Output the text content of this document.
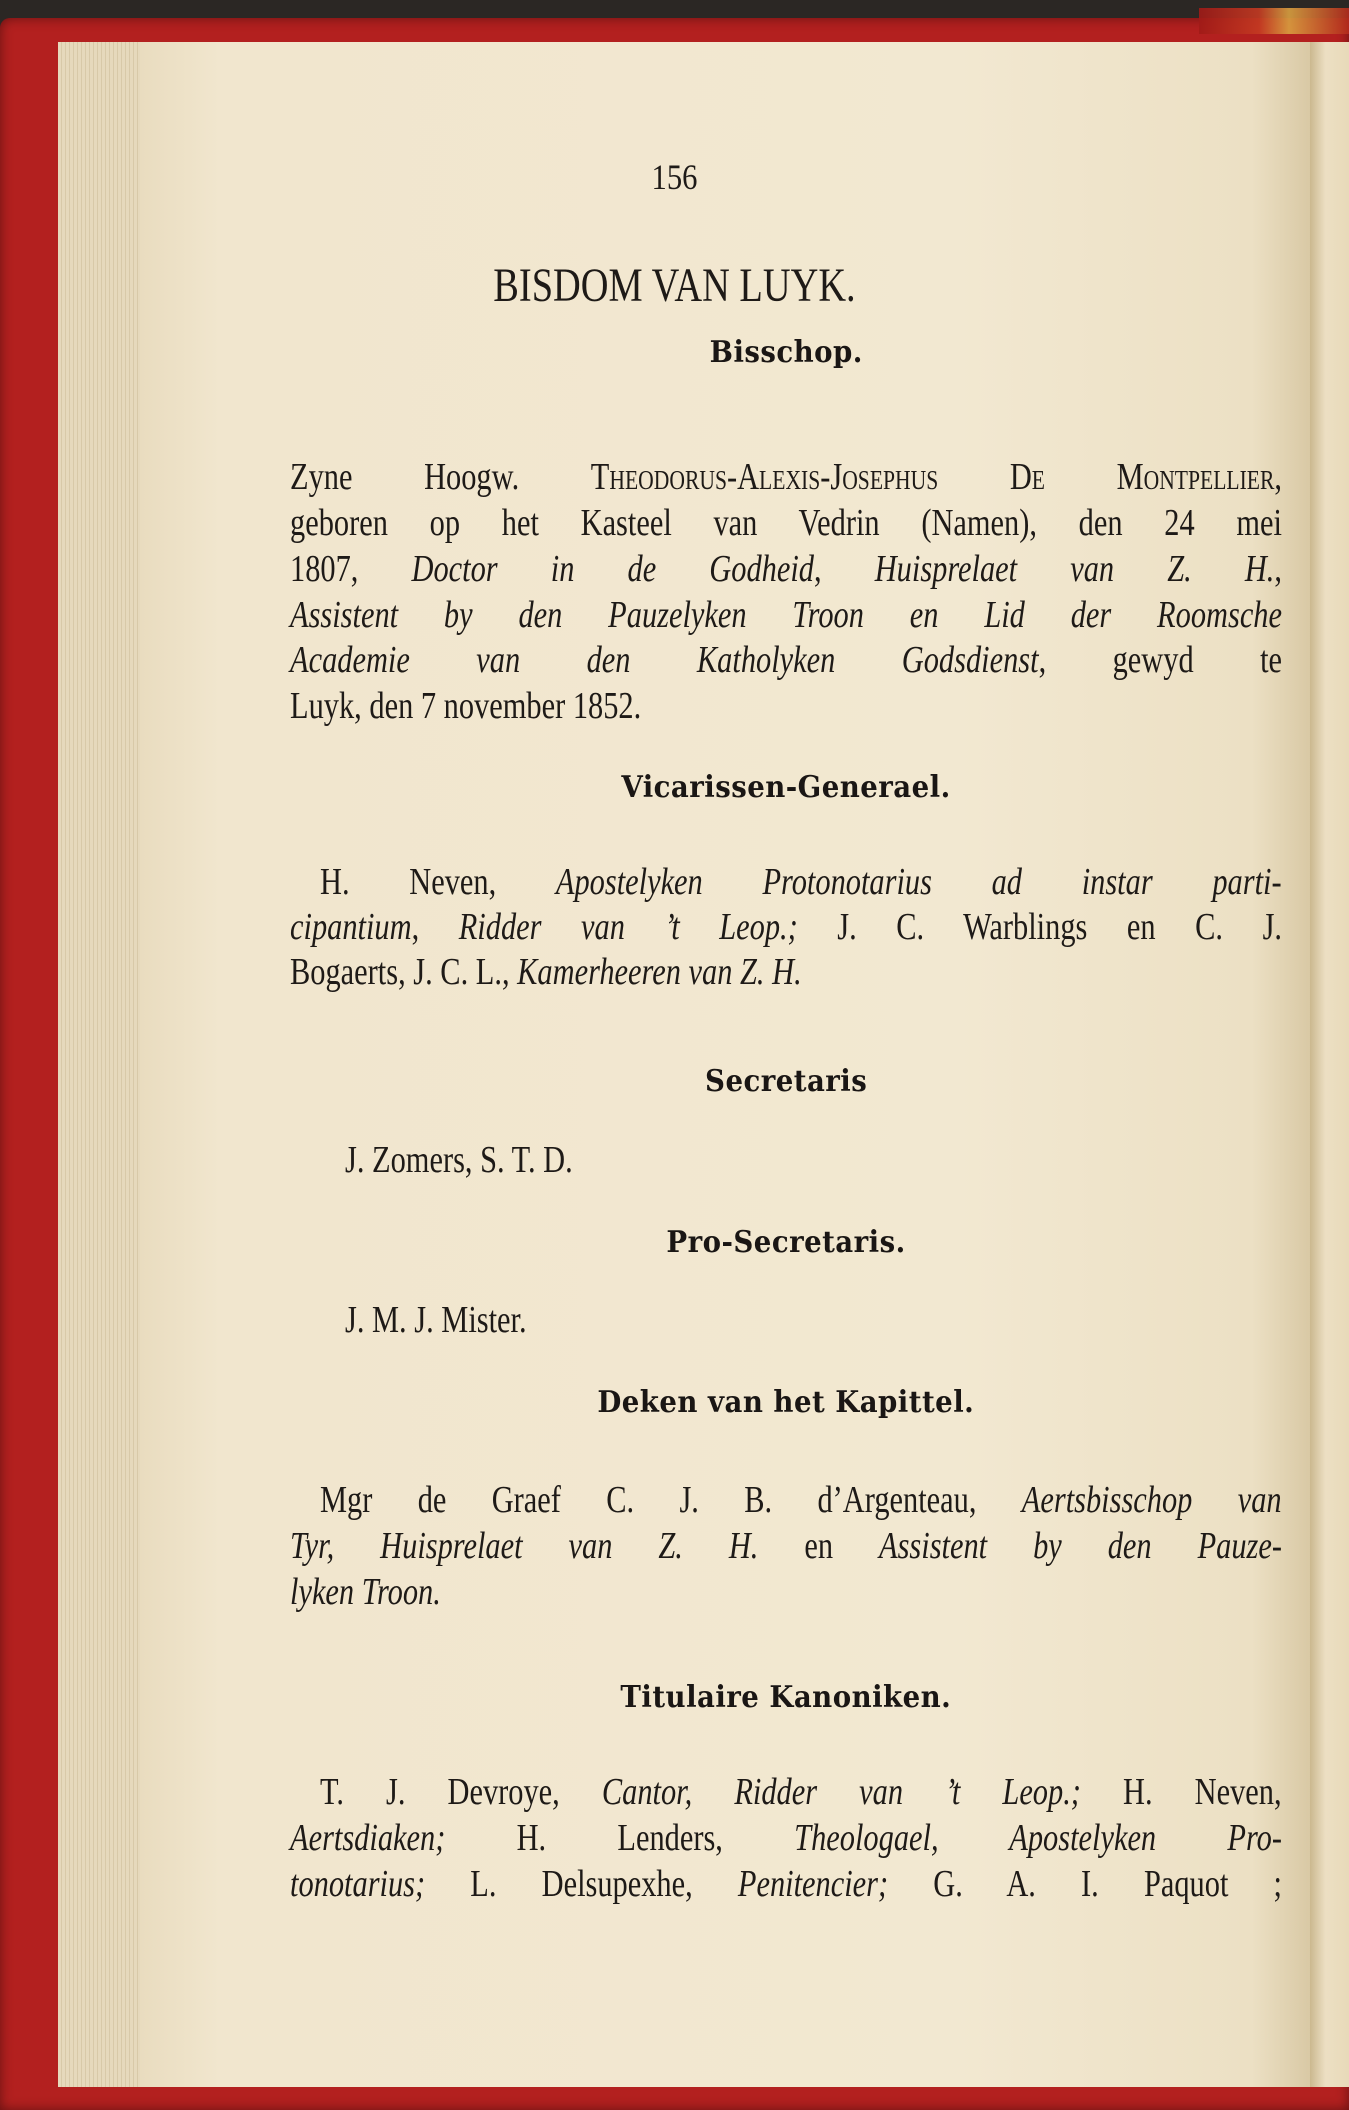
156
BISDOM VAN LUYK.
Bisschop.
Zyne Hoogw. Theodorus-Alexis-Josephus De Montpellier,
geboren op het Kasteel van Vedrin (Namen), den 24 mei
1807, Doctor in de Godheid, Huisprelaet van Z. H.,
Assistent by den Pauzelyken Troon en Lid der Roomsche
Academie van den Katholyken Godsdienst, gewyd te
Luyk, den 7 november 1852.
Vicarissen-Generael.
H. Neven, Apostelyken Protonotarius ad instar parti-
cipantium, Ridder van ’t Leop.; J. C. Warblings en C. J.
Bogaerts, J. C. L., Kamerheeren van Z. H.
Secretaris
J. Zomers, S. T. D.
Pro-Secretaris.
J. M. J. Mister.
Deken van het Kapittel.
Mgr de Graef C. J. B. d’Argenteau, Aertsbisschop van
Tyr, Huisprelaet van Z. H. en Assistent by den Pauze-
lyken Troon.
Titulaire Kanoniken.
T. J. Devroye, Cantor, Ridder van ’t Leop.; H. Neven,
Aertsdiaken; H. Lenders, Theologael, Apostelyken Pro-
tonotarius; L. Delsupexhe, Penitencier; G. A. I. Paquot ;
